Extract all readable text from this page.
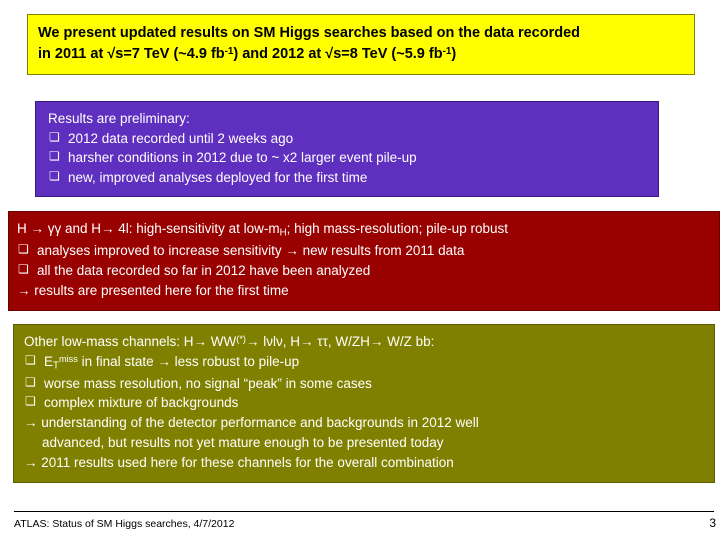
We present updated results on SM Higgs searches based on the data recorded
in 2011 at √s=7 TeV (~4.9 $fb^{-1}$) and 2012 at √s=8 TeV (~5.9 $fb^{-1}$)
Results are preliminary:
❏ 2012 data recorded until 2 weeks ago
❏ harsher conditions in 2012 due to ~ x2 larger event pile-up
❏ new, improved analyses deployed for the first time
H → γγ and H→ 4l: high-sensitivity at low-$m_H$; high mass-resolution; pile-up robust
❏ analyses improved to increase sensitivity → new results from 2011 data
❏ all the data recorded so far in 2012 have been analyzed
→ results are presented here for the first time
Other low-mass channels: H→ WW(*)→ lνlν, H→ ττ, W/ZH→ W/Z bb:
❏ $E_T^{miss}$ in final state → less robust to pile-up
❏ worse mass resolution, no signal “peak” in some cases
❏ complex mixture of backgrounds
→ understanding of the detector performance and backgrounds in 2012 well
advanced, but results not yet mature enough to be presented today
→ 2011 results used here for these channels for the overall combination
ATLAS: Status of SM Higgs searches, 4/7/2012	3
